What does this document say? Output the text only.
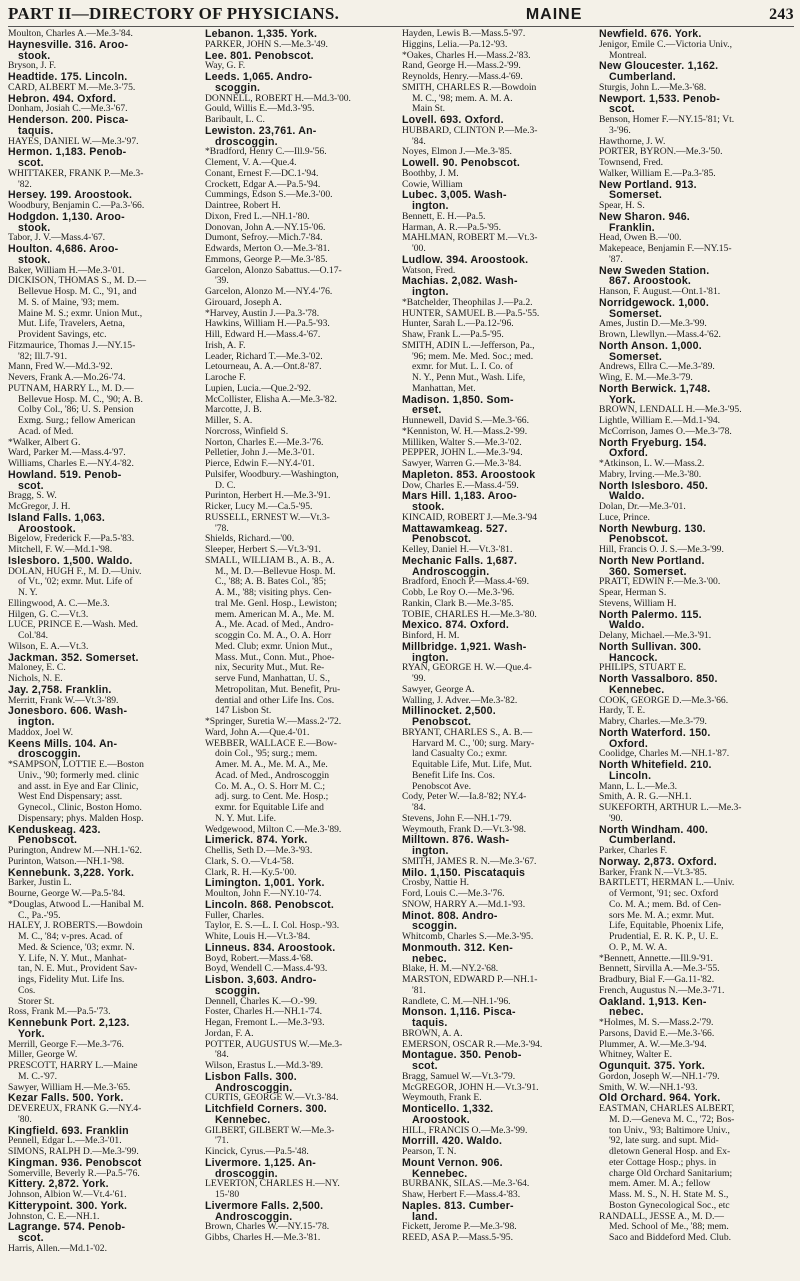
PART II—DIRECTORY OF PHYSICIANS.	MAINE	243
Moulton, Charles A.—Me.3-'84.
Haynesville. 316. Aroo-
stook.
Bryson, J. F.
Headtide. 175. Lincoln.
CARD, ALBERT M.—Me.3-'75.
Hebron. 494. Oxford.
Donham, Josiah C.—Me.3-'67.
Henderson. 200. Pisca-
taquis.
HAYES, DANIEL W.—Me.3-'97.
Hermon. 1,183. Penob-
scot.
WHITTAKER, FRANK P.—Me.3-
'82.
Hersey. 199. Aroostook.
Woodbury, Benjamin C.—Pa.3-'66.
Hodgdon. 1,130. Aroo-
stook.
Tabor, J. V.—Mass.4-'67.
Houlton. 4,686. Aroo-
stook.
Baker, William H.—Me.3-'01.
DICKISON, THOMAS S., M. D.—
Bellevue Hosp. M. C., '91, and
M. S. of Maine, '93; mem.
Maine M. S.; exmr. Union Mut.,
Mut. Life, Travelers, Aetna,
Provident Savings, etc.
Fitzmaurice, Thomas J.—NY.15-
'82; Ill.7-'91.
Mann, Fred W.—Md.3-'92.
Nevers, Frank A.—Mo.26-'74.
PUTNAM, HARRY L., M. D.—
Bellevue Hosp. M. C., '90; A. B.
Colby Col., '86; U. S. Pension
Exmg. Surg.; fellow American
Acad. of Med.
*Walker, Albert G.
Ward, Parker M.—Mass.4-'97.
Williams, Charles E.—NY.4-'82.
Howland. 519. Penob-
scot.
Bragg, S. W.
McGregor, J. H.
Island Falls. 1,063.
Aroostook.
Bigelow, Frederick F.—Pa.5-'83.
Mitchell, F. W.—Md.1-'98.
Islesboro. 1,500. Waldo.
DOLAN, HUGH F., M. D.—Univ.
of Vt., '02; exmr. Mut. Life of
N. Y.
Ellingwood, A. C.—Me.3.
Hilgen, G. C.—Vt.3.
LUCE, PRINCE E.—Wash. Med.
Col.'84.
Wilson, E. A.—Vt.3.
Jackman. 352. Somerset.
Maloney, E. C.
Nichols, N. E.
Jay. 2,758. Franklin.
Merritt, Frank W.—Vt.3-'89.
Jonesboro. 606. Wash-
ington.
Maddox, Joel W.
Keens Mills. 104. An-
droscoggin.
*SAMPSON, LOTTIE E.—Boston
Univ., '90; formerly med. clinic
and asst. in Eye and Ear Clinic,
West End Dispensary; asst.
Gynecol., Clinic, Boston Homo.
Dispensary; phys. Malden Hosp.
Kenduskeag. 423.
Penobscot.
Purington, Andrew M.—NH.1-'62.
Purinton, Watson.—NH.1-'98.
Kennebunk. 3,228. York.
Barker, Justin L.
Bourne, George W.—Pa.5-'84.
*Douglas, Atwood L.—Hanibal M.
C., Pa.-'95.
HALEY, J. ROBERTS.—Bowdoin
M. C., '84; v-pres. Acad. of
Med. & Science, '03; exmr. N.
Y. Life, N. Y. Mut., Manhat-
tan, N. E. Mut., Provident Sav-
ings, Fidelity Mut. Life Ins.
Cos.
Storer St.
Ross, Frank M.—Pa.5-'73.
Kennebunk Port. 2,123.
York.
Merrill, George F.—Me.3-'76.
Miller, George W.
PRESCOTT, HARRY L.—Maine
M. C.-'97.
Sawyer, William H.—Me.3-'65.
Kezar Falls. 500. York.
DEVEREUX, FRANK G.—NY.4-
'80.
Kingfield. 693. Franklin
Pennell, Edgar L.—Me.3-'01.
SIMONS, RALPH D.—Me.3-'99.
Kingman. 936. Penobscot
Somerville, Beverly R.—Pa.5-'76.
Kittery. 2,872. York.
Johnson, Albion W.—Vt.4-'61.
Kitterypoint. 300. York.
Johnston, C. E.—NH.1.
Lagrange. 574. Penob-
scot.
Harris, Allen.—Md.1-'02.
Lebanon. 1,335. York.
PARKER, JOHN S.—Me.3-'49.
Lee. 801. Penobscot.
Way, G. F.
Leeds. 1,065. Andro-
scoggin.
DONNELL, ROBERT H.—Md.3-'00.
Gould, Willis E.—Md.3-'95.
Baribault, L. C.
Lewiston. 23,761. An-
droscoggin.
*Bradford, Henry C.—Ill.9-'56.
Clement, V. A.—Que.4.
Conant, Ernest F.—DC.1-'94.
Crockett, Edgar A.—Pa.5-'94.
Cummings, Edson S.—Me.3-'00.
Daintree, Robert H.
Dixon, Fred L.—NH.1-'80.
Donovan, John A.—NY.15-'06.
Dumont, Sefroy.—Mich.7-'84.
Edwards, Merton O.—Me.3-'81.
Emmons, George P.—Me.3-'85.
Garcelon, Alonzo Sabattus.—O.17-
'39.
Garcelon, Alonzo M.—NY.4-'76.
Girouard, Joseph A.
*Harvey, Austin J.—Pa.3-'78.
Hawkins, William H.—Pa.5-'93.
Hill, Edward H.—Mass.4-'67.
Irish, A. F.
Leader, Richard T.—Me.3-'02.
Letourneau, A. A.—Ont.8-'87.
Laroche F.
Lupien, Lucia.—Que.2-'92.
McCollister, Elisha A.—Me.3-'82.
Marcotte, J. B.
Miller, S. A.
Norcross, Winfield S.
Norton, Charles E.—Me.3-'76.
Pelletier, John J.—Me.3-'01.
Pierce, Edwin F.—NY.4-'01.
Pulsifer, Woodbury.—Washington,
D. C.
Purinton, Herbert H.—Me.3-'91.
Ricker, Lucy M.—Ca.5-'95.
RUSSELL, ERNEST W.—Vt.3-
'78.
Shields, Richard.—'00.
Sleeper, Herbert S.—Vt.3-'91.
SMALL, WILLIAM B., A. B., A.
M., M. D.—Bellevue Hosp. M.
C., '88; A. B. Bates Col., '85;
A. M., '88; visiting phys. Cen-
tral Me. Genl. Hosp., Lewiston;
mem. American M. A., Me. M.
A., Me. Acad. of Med., Andro-
scoggin Co. M. A., O. A. Horr
Med. Club; exmr. Union Mut.,
Mass. Mut., Conn. Mut., Phoe-
nix, Security Mut., Mut. Re-
serve Fund, Manhattan, U. S.,
Metropolitan, Mut. Benefit, Pru-
dential and other Life Ins. Cos.
147 Lisbon St.
*Springer, Suretia W.—Mass.2-'72.
Ward, John A.—Que.4-'01.
WEBBER, WALLACE E.—Bow-
doin Col., '95; surg.; mem.
Amer. M. A., Me. M. A., Me.
Acad. of Med., Androscoggin
Co. M. A., O. S. Horr M. C.;
adj. surg. to Cent. Me. Hosp.;
exmr. for Equitable Life and
N. Y. Mut. Life.
Wedgewood, Milton C.—Me.3-'89.
Limerick. 874. York.
Chellis, Seth D.—Me.3-'93.
Clark, S. O.—Vt.4-'58.
Clark, R. H.—Ky.5-'00.
Limington. 1,001. York.
Moulton, John F.—NY.10-'74.
Lincoln. 868. Penobscot.
Fuller, Charles.
Taylor, E. S.—L. I. Col. Hosp.-'93.
White, Louis H.—Vt.3-'84.
Linneus. 834. Aroostook.
Boyd, Robert.—Mass.4-'68.
Boyd, Wendell C.—Mass.4-'93.
Lisbon. 3,603. Andro-
scoggin.
Dennell, Charles K.—O.-'99.
Foster, Charles H.—NH.1-'74.
Hegan, Fremont L.—Me.3-'93.
Jordan, F. A.
POTTER, AUGUSTUS W.—Me.3-
'84.
Wilson, Erastus L.—Md.3-'89.
Lisbon Falls. 300.
Androscoggin.
CURTIS, GEORGE W.—Vt.3-'84.
Litchfield Corners. 300.
Kennebec.
GILBERT, GILBERT W.—Me.3-
'71.
Kincick, Cyrus.—Pa.5-'48.
Livermore. 1,125. An-
droscoggin.
LEVERTON, CHARLES H.—NY.
15-'80
Livermore Falls. 2,500.
Androscoggin.
Brown, Charles W.—NY.15-'78.
Gibbs, Charles H.—Me.3-'81.
Hayden, Lewis B.—Mass.5-'97.
Higgins, Lelia.—Pa.12-'93.
*Oakes, Charles H.—Mass.2-'83.
Rand, George H.—Mass.2-'99.
Reynolds, Henry.—Mass.4-'69.
SMITH, CHARLES R.—Bowdoin
M. C., '98; mem. A. M. A.
Main St.
Lovell. 693. Oxford.
HUBBARD, CLINTON P.—Me.3-
'84.
Noyes, Elmon J.—Me.3-'85.
Lowell. 90. Penobscot.
Boothby, J. M.
Cowie, William
Lubec. 3,005. Wash-
ington.
Bennett, E. H.—Pa.5.
Harman, A. R.—Pa.5-'95.
MAHLMAN, ROBERT M.—Vt.3-
'00.
Ludlow. 394. Aroostook.
Watson, Fred.
Machias. 2,082. Wash-
ington.
*Batchelder, Theophilas J.—Pa.2.
HUNTER, SAMUEL B.—Pa.5-'55.
Hunter, Sarah L.—Pa.12-'96.
Shaw, Frank L.—Pa.5-'95.
SMITH, ADIN L.—Jefferson, Pa.,
'96; mem. Me. Med. Soc.; med.
exmr. for Mut. L. I. Co. of
N. Y., Penn Mut., Wash. Life,
Manhattan, Met.
Madison. 1,850. Som-
erset.
Hunnewell, David S.—Me.3-'66.
*Kenniston, W. H.—Mass.2-'99.
Milliken, Walter S.—Me.3-'02.
PEPPER, JOHN L.—Me.3-'94.
Sawyer, Warren G.—Me.3-'84.
Mapleton. 853. Aroostook
Dow, Charles E.—Mass.4-'59.
Mars Hill. 1,183. Aroo-
stook.
KINCAID, ROBERT J.—Me.3-'94
Mattawamkeag. 527.
Penobscot.
Kelley, Daniel H.—Vt.3-'81.
Mechanic Falls. 1,687.
Androscoggin.
Bradford, Enoch P.—Mass.4-'69.
Cobb, Le Roy O.—Me.3-'96.
Rankin, Clark B.—Me.3-'85.
TOBIE, CHARLES H.—Me.3-'80.
Mexico. 874. Oxford.
Binford, H. M.
Millbridge. 1,921. Wash-
ington.
RYAN, GEORGE H. W.—Que.4-
'99.
Sawyer, George A.
Walling, J. Adver.—Me.3-'82.
Millinocket. 2,500.
Penobscot.
BRYANT, CHARLES S., A. B.—
Harvard M. C., '00; surg. Mary-
land Casualty Co.; exmr.
Equitable Life, Mut. Life, Mut.
Benefit Life Ins. Cos.
Penobscot Ave.
Cody, Peter W.—Ia.8-'82; NY.4-
'84.
Stevens, John F.—NH.1-'79.
Weymouth, Frank D.—Vt.3-'98.
Milltown. 876. Wash-
ington.
SMITH, JAMES R. N.—Me.3-'67.
Milo. 1,150. Piscataquis
Crosby, Nattie H.
Ford, Louis C.—Me.3-'76.
SNOW, HARRY A.—Md.1-'93.
Minot. 808. Andro-
scoggin.
Whitcomb, Charles S.—Me.3-'95.
Monmouth. 312. Ken-
nebec.
Blake, H. M.—NY.2-'68.
MARSTON, EDWARD P.—NH.1-
'81.
Randlete, C. M.—NH.1-'96.
Monson. 1,116. Pisca-
taquis.
BROWN, A. A.
EMERSON, OSCAR R.—Me.3-'94.
Montague. 350. Penob-
scot.
Bragg, Samuel W.—Vt.3-'79.
McGREGOR, JOHN H.—Vt.3-'91.
Weymouth, Frank E.
Monticello. 1,332.
Aroostook.
HILL, FRANCIS O.—Me.3-'99.
Morrill. 420. Waldo.
Pearson, T. N.
Mount Vernon. 906.
Kennebec.
BURBANK, SILAS.—Me.3-'64.
Shaw, Herbert F.—Mass.4-'83.
Naples. 813. Cumber-
land.
Fickett, Jerome P.—Me.3-'98.
REED, ASA P.—Mass.5-'95.
Newfield. 676. York.
Jenigor, Emile C.—Victoria Univ.,
Montreal.
New Gloucester. 1,162.
Cumberland.
Sturgis, John L.—Me.3-'68.
Newport. 1,533. Penob-
scot.
Benson, Homer F.—NY.15-'81; Vt.
3-'96.
Hawthorne, J. W.
PORTER, BYRON.—Me.3-'50.
Townsend, Fred.
Walker, William E.—Pa.3-'85.
New Portland. 913.
Somerset.
Spear, H. S.
New Sharon. 946.
Franklin.
Head, Owen B.—'00.
Makepeace, Benjamin F.—NY.15-
'87.
New Sweden Station.
867. Aroostook.
Hanson, F. August.—Ont.1-'81.
Norridgewock. 1,000.
Somerset.
Ames, Justin D.—Me.3-'99.
Brown, Llewllyn.—Mass.4-'62.
North Anson. 1,000.
Somerset.
Andrews, Ellra C.—Me.3-'89.
Wing, E. M.—Me.3-'79.
North Berwick. 1,748.
York.
BROWN, LENDALL H.—Me.3-'95.
Lightle, William E.—Md.1-'94.
McCorrison, James O.—Me.3-'78.
North Fryeburg. 154.
Oxford.
*Atkinson, L. W.—Mass.2.
Mabry, Irving.—Me.3-'80.
North Islesboro. 450.
Waldo.
Dolan, Dr.—Me.3-'01.
Luce, Prince.
North Newburg. 130.
Penobscot.
Hill, Francis O. J. S.—Me.3-'99.
North New Portland.
360. Somerset.
PRATT, EDWIN F.—Me.3-'00.
Spear, Herman S.
Stevens, William H.
North Palermo. 115.
Waldo.
Delany, Michael.—Me.3-'91.
North Sullivan. 300.
Hancock.
PHILIPS, STUART E.
North Vassalboro. 850.
Kennebec.
COOK, GEORGE D.—Me.3-'66.
Hardy, T. E.
Mabry, Charles.—Me.3-'79.
North Waterford. 150.
Oxford.
Coolidge, Charles M.—NH.1-'87.
North Whitefield. 210.
Lincoln.
Mann, L. L.—Me.3.
Smith, A. R. G.—NH.1.
SUKEFORTH, ARTHUR L.—Me.3-
'90.
North Windham. 400.
Cumberland.
Parker, Charles F.
Norway. 2,873. Oxford.
Barker, Frank N.—Vt.3-'85.
BARTLETT, HERMAN L.—Univ.
of Vermont, '91; sec. Oxford
Co. M. A.; mem. Bd. of Cen-
sors Me. M. A.; exmr. Mut.
Life, Equitable, Phoenix Life,
Prudential, E. R. K. P., U. E.
O. P., M. W. A.
*Bennett, Annette.—Ill.9-'91.
Bennett, Sirvilla A.—Me.3-'55.
Bradbury, Bial F.—Ga.11-'82.
French, Augustus N.—Me.3-'71.
Oakland. 1,913. Ken-
nebec.
*Holmes, M. S.—Mass.2-'79.
Parsons, David E.—Me.3-'66.
Plummer, A. W.—Me.3-'94.
Whitney, Walter E.
Ogunquit. 375. York.
Gordon, Joseph W.—NH.1-'79.
Smith, W. W.—NH.1-'93.
Old Orchard. 964. York.
EASTMAN, CHARLES ALBERT,
M. D.—Geneva M. C., '72; Bos-
ton Univ., '93; Baltimore Univ.,
'92, late surg. and supt. Mid-
dletown General Hosp. and Ex-
eter Cottage Hosp.; phys. in
charge Old Orchard Sanitarium;
mem. Amer. M. A.; fellow
Mass. M. S., N. H. State M. S.,
Boston Gynecological Soc., etc
RANDALL, JESSE A., M. D.—
Med. School of Me., '88; mem.
Saco and Biddeford Med. Club.
